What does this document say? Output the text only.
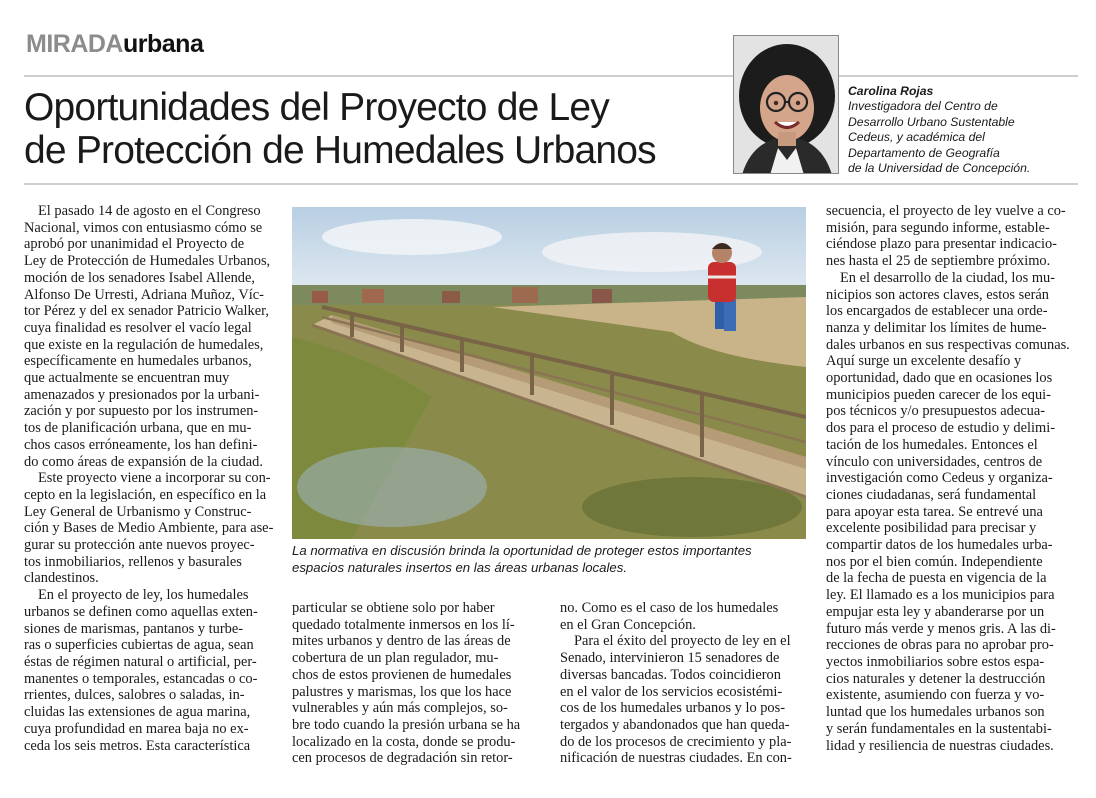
MIRADAurbana
Oportunidades del Proyecto de Ley
de Protección de Humedales Urbanos
Carolina Rojas
Investigadora del Centro de
Desarrollo Urbano Sustentable
Cedeus, y académica del
Departamento de Geografía
de la Universidad de Concepción.
El pasado 14 de agosto en el Congreso
Nacional, vimos con entusiasmo cómo se
aprobó por unanimidad el Proyecto de
Ley de Protección de Humedales Urbanos,
moción de los senadores Isabel Allende,
Alfonso De Urresti, Adriana Muñoz, Víc-
tor Pérez y del ex senador Patricio Walker,
cuya finalidad es resolver el vacío legal
que existe en la regulación de humedales,
específicamente en humedales urbanos,
que actualmente se encuentran muy
amenazados y presionados por la urbani-
zación y por supuesto por los instrumen-
tos de planificación urbana, que en mu-
chos casos erróneamente, los han defini-
do como áreas de expansión de la ciudad.
Este proyecto viene a incorporar su con-
cepto en la legislación, en específico en la
Ley General de Urbanismo y Construc-
ción y Bases de Medio Ambiente, para ase-
gurar su protección ante nuevos proyec-
tos inmobiliarios, rellenos y basurales
clandestinos.
En el proyecto de ley, los humedales
urbanos se definen como aquellas exten-
siones de marismas, pantanos y turbe-
ras o superficies cubiertas de agua, sean
éstas de régimen natural o artificial, per-
manentes o temporales, estancadas o co-
rrientes, dulces, salobres o saladas, in-
cluidas las extensiones de agua marina,
cuya profundidad en marea baja no ex-
ceda los seis metros. Esta característica
La normativa en discusión brinda la oportunidad de proteger estos importantes
espacios naturales insertos en las áreas urbanas locales.
particular se obtiene solo por haber
quedado totalmente inmersos en los lí-
mites urbanos y dentro de las áreas de
cobertura de un plan regulador, mu-
chos de estos provienen de humedales
palustres y marismas, los que los hace
vulnerables y aún más complejos, so-
bre todo cuando la presión urbana se ha
localizado en la costa, donde se produ-
cen procesos de degradación sin retor-
no. Como es el caso de los humedales
en el Gran Concepción.
Para el éxito del proyecto de ley en el
Senado, intervinieron 15 senadores de
diversas bancadas. Todos coincidieron
en el valor de los servicios ecosistémi-
cos de los humedales urbanos y lo pos-
tergados y abandonados que han queda-
do de los procesos de crecimiento y pla-
nificación de nuestras ciudades. En con-
secuencia, el proyecto de ley vuelve a co-
misión, para segundo informe, estable-
ciéndose plazo para presentar indicacio-
nes hasta el 25 de septiembre próximo.
En el desarrollo de la ciudad, los mu-
nicipios son actores claves, estos serán
los encargados de establecer una orde-
nanza y delimitar los límites de hume-
dales urbanos en sus respectivas comunas.
Aquí surge un excelente desafío y
oportunidad, dado que en ocasiones los
municipios pueden carecer de los equi-
pos técnicos y/o presupuestos adecua-
dos para el proceso de estudio y delimi-
tación de los humedales. Entonces el
vínculo con universidades, centros de
investigación como Cedeus y organiza-
ciones ciudadanas, será fundamental
para apoyar esta tarea. Se entrevé una
excelente posibilidad para precisar y
compartir datos de los humedales urba-
nos por el bien común. Independiente
de la fecha de puesta en vigencia de la
ley. El llamado es a los municipios para
empujar esta ley y abanderarse por un
futuro más verde y menos gris. A las di-
recciones de obras para no aprobar pro-
yectos inmobiliarios sobre estos espa-
cios naturales y detener la destrucción
existente, asumiendo con fuerza y vo-
luntad que los humedales urbanos son
y serán fundamentales en la sustentabi-
lidad y resiliencia de nuestras ciudades.
